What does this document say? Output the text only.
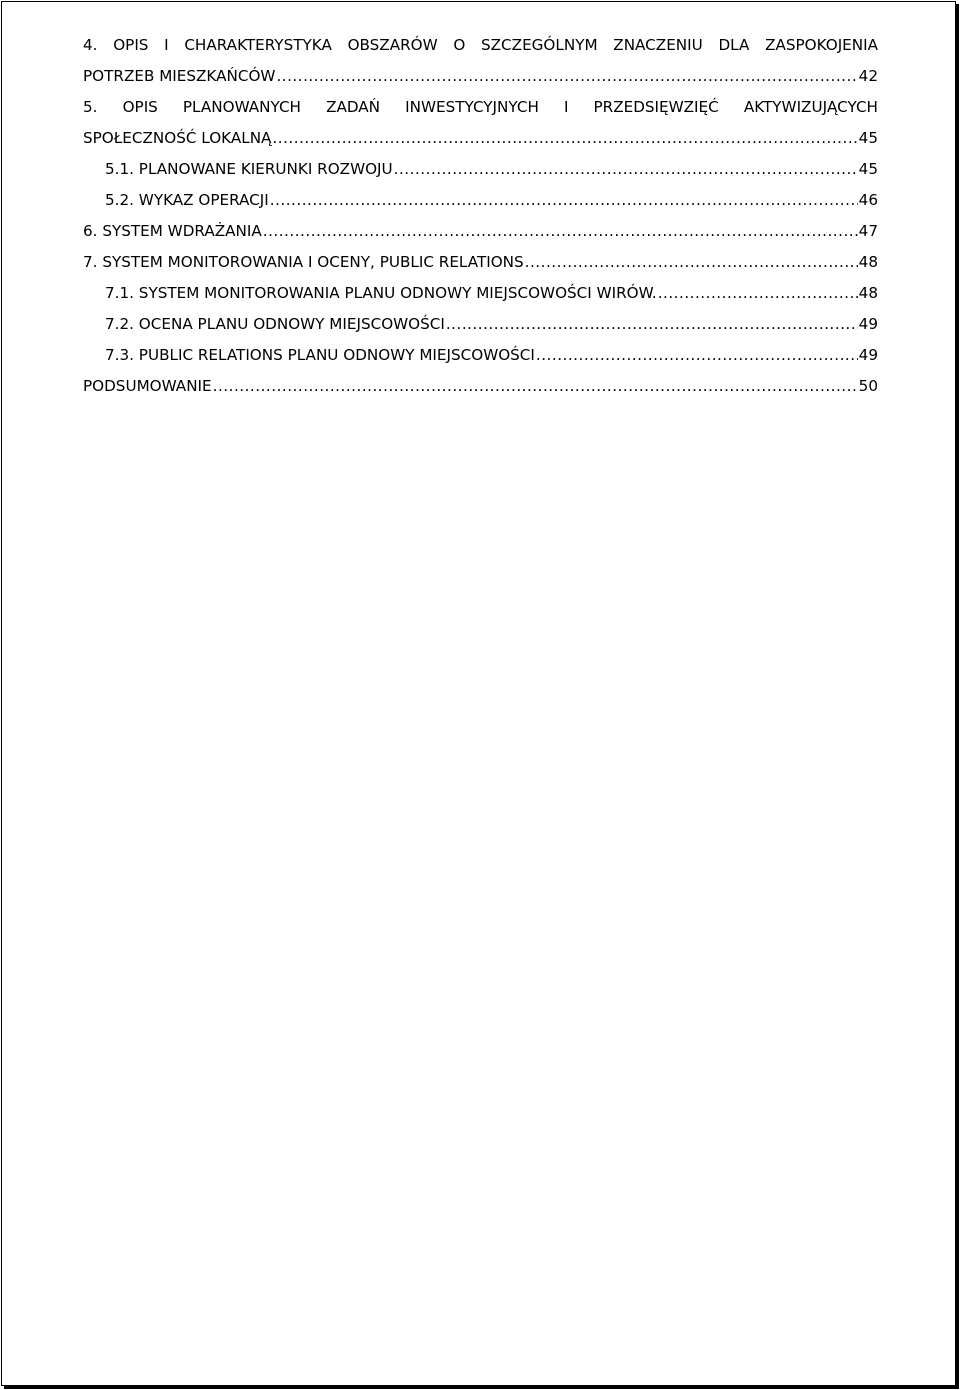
4. OPIS I CHARAKTERYSTYKA OBSZARÓW O SZCZEGÓLNYM ZNACZENIU DLA ZASPOKOJENIA
POTRZEB MIESZKAŃCÓW .....	42
5. OPIS PLANOWANYCH ZADAŃ INWESTYCYJNYCH I PRZEDSIĘWZIĘĆ AKTYWIZUJĄCYCH
SPOŁECZNOŚĆ LOKALNĄ .....	45
5.1. PLANOWANE KIERUNKI ROZWOJU .....	45
5.2. WYKAZ OPERACJI .....	46
6. SYSTEM WDRAŻANIA .....	47
7. SYSTEM MONITOROWANIA I OCENY, PUBLIC RELATIONS .....	48
7.1. SYSTEM MONITOROWANIA PLANU ODNOWY MIEJSCOWOŚCI WIRÓW. .....	48
7.2. OCENA PLANU ODNOWY MIEJSCOWOŚCI .....	49
7.3. PUBLIC RELATIONS PLANU ODNOWY MIEJSCOWOŚCI .....	49
PODSUMOWANIE .....	50
